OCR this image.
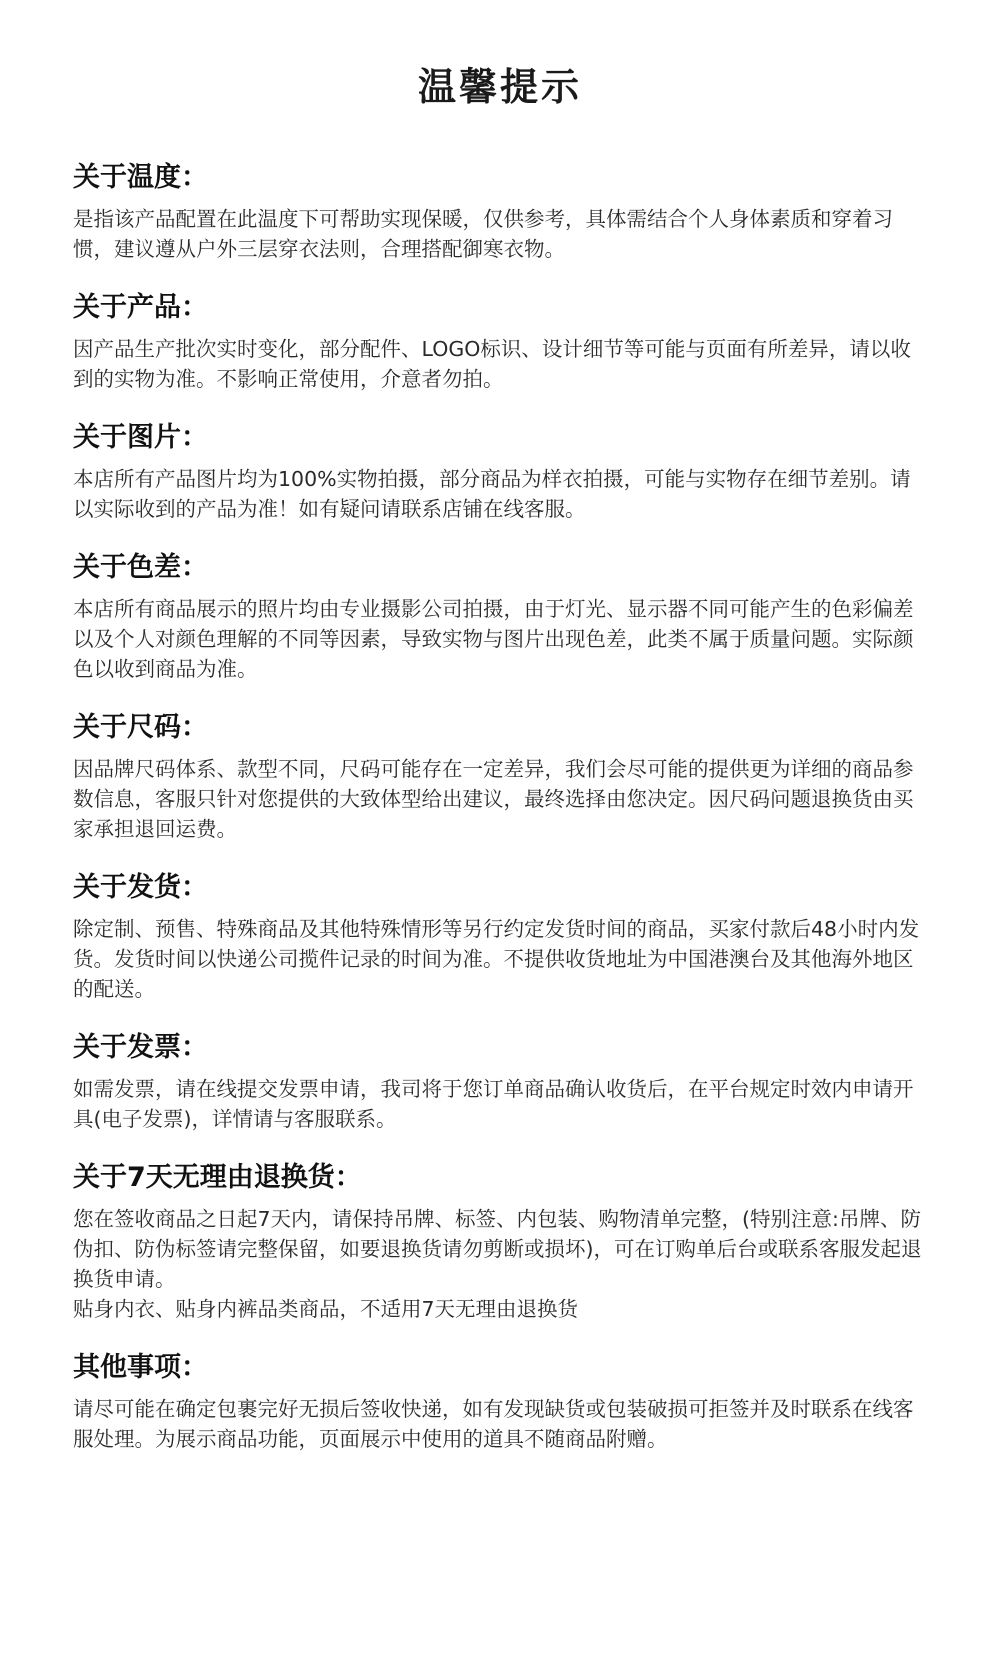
温馨提示
关于温度：

是指该产品配置在此温度下可帮助实现保暖，仅供参考，具体需结合个人身体素质和穿着习惯，建议遵从户外三层穿衣法则，合理搭配御寒衣物。

关于产品：

因产品生产批次实时变化，部分配件、LOGO标识、设计细节等可能与页面有所差异，请以收到的实物为准。不影响正常使用，介意者勿拍。

关于图片：

本店所有产品图片均为100%实物拍摄，部分商品为样衣拍摄，可能与实物存在细节差别。请以实际收到的产品为准！如有疑问请联系店铺在线客服。

关于色差：

本店所有商品展示的照片均由专业摄影公司拍摄，由于灯光、显示器不同可能产生的色彩偏差以及个人对颜色理解的不同等因素，导致实物与图片出现色差，此类不属于质量问题。实际颜色以收到商品为准。

关于尺码：

因品牌尺码体系、款型不同，尺码可能存在一定差异，我们会尽可能的提供更为详细的商品参数信息，客服只针对您提供的大致体型给出建议，最终选择由您决定。因尺码问题退换货由买家承担退回运费。

关于发货：

除定制、预售、特殊商品及其他特殊情形等另行约定发货时间的商品，买家付款后48小时内发货。发货时间以快递公司揽件记录的时间为准。不提供收货地址为中国港澳台及其他海外地区的配送。

关于发票：

如需发票，请在线提交发票申请，我司将于您订单商品确认收货后，在平台规定时效内申请开具(电子发票)，详情请与客服联系。

关于7天无理由退换货：

您在签收商品之日起7天内，请保持吊牌、标签、内包装、购物清单完整，(特别注意:吊牌、防伪扣、防伪标签请完整保留，如要退换货请勿剪断或损坏)，可在订购单后台或联系客服发起退换货申请。

贴身内衣、贴身内裤品类商品，不适用7天无理由退换货

其他事项：

请尽可能在确定包裹完好无损后签收快递，如有发现缺货或包装破损可拒签并及时联系在线客服处理。为展示商品功能，页面展示中使用的道具不随商品附赠。
